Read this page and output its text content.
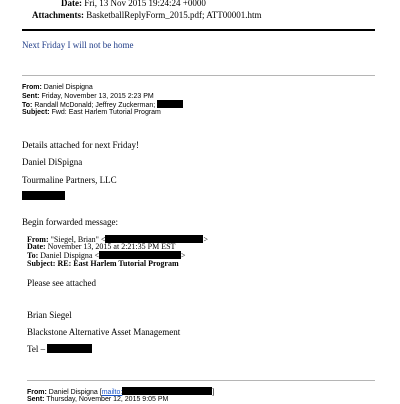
Date: Fri, 13 Nov 2015 19:24:24 +0000
Attachments: BasketballReplyForm_2015.pdf; ATT00001.htm
Next Friday I will not be home
From: Daniel Dispigna
Sent: Friday, November 13, 2015 2:23 PM
To: Randall McDonald; Jeffrey Zuckerman;
Subject: Fwd: East Harlem Tutorial Program
Details attached for next Friday!
Daniel DiSpigna
Tourmaline Partners, LLC
Begin forwarded message:
From: "Siegel, Brian" <	>
Date: November 13, 2015 at 2:21:35 PM EST
To: Daniel Dispigna <	>
Subject: RE: East Harlem Tutorial Program
Please see attached
Brian Siegel
Blackstone Alternative Asset Management
Tel –
From: Daniel Dispigna [mailto:	]
Sent: Thursday, November 12, 2015 9:05 PM
